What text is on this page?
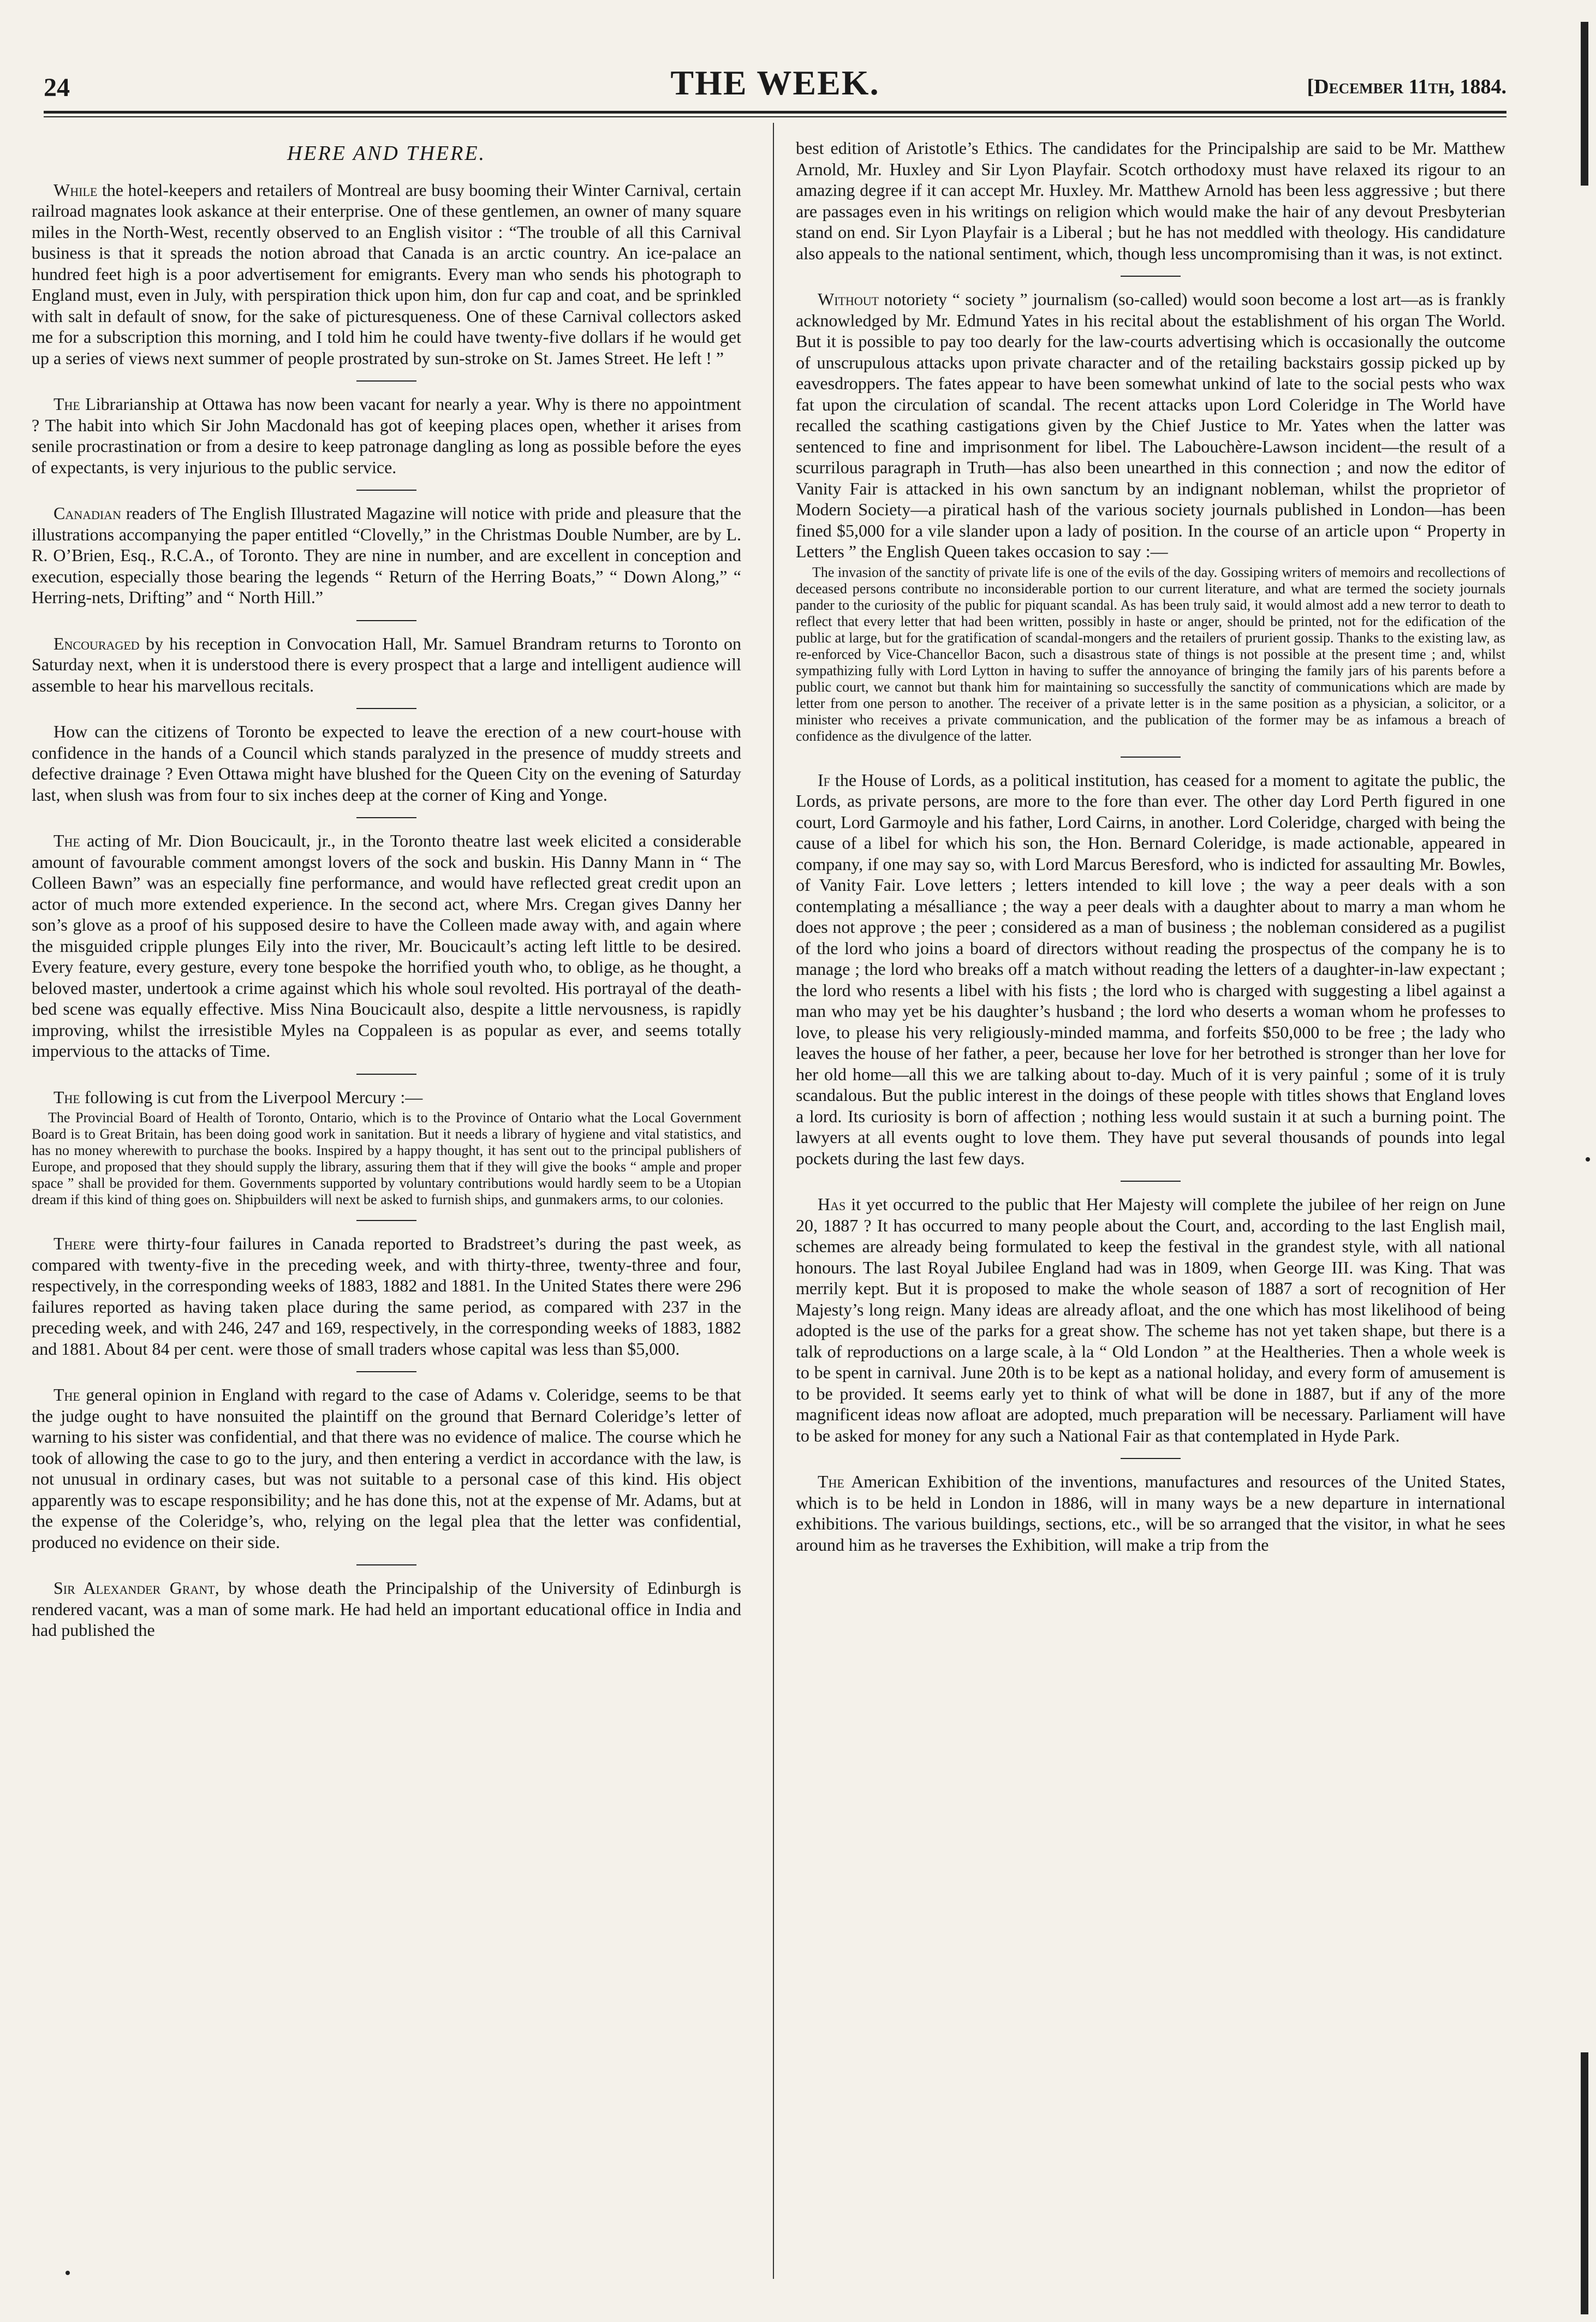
24	THE WEEK.	[December 11th, 1884.
HERE AND THERE.

While the hotel-keepers and retailers of Montreal are busy booming their Winter Carnival, certain railroad magnates look askance at their enterprise. One of these gentlemen, an owner of many square miles in the North-West, recently observed to an English visitor : “The trouble of all this Carnival business is that it spreads the notion abroad that Canada is an arctic country. An ice-palace an hundred feet high is a poor advertisement for emigrants. Every man who sends his photograph to England must, even in July, with perspiration thick upon him, don fur cap and coat, and be sprinkled with salt in default of snow, for the sake of picturesqueness. One of these Carnival collectors asked me for a subscription this morning, and I told him he could have twenty-five dollars if he would get up a series of views next summer of people prostrated by sun-stroke on St. James Street. He left ! ”

The Librarianship at Ottawa has now been vacant for nearly a year. Why is there no appointment ? The habit into which Sir John Macdonald has got of keeping places open, whether it arises from senile procrastination or from a desire to keep patronage dangling as long as possible before the eyes of expectants, is very injurious to the public service.

Canadian readers of The English Illustrated Magazine will notice with pride and pleasure that the illustrations accompanying the paper entitled “Clovelly,” in the Christmas Double Number, are by L. R. O’Brien, Esq., R.C.A., of Toronto. They are nine in number, and are excellent in conception and execution, especially those bearing the legends “ Return of the Herring Boats,” “ Down Along,” “ Herring-nets, Drifting” and “ North Hill.”

Encouraged by his reception in Convocation Hall, Mr. Samuel Brandram returns to Toronto on Saturday next, when it is understood there is every prospect that a large and intelligent audience will assemble to hear his marvellous recitals.

How can the citizens of Toronto be expected to leave the erection of a new court-house with confidence in the hands of a Council which stands paralyzed in the presence of muddy streets and defective drainage ? Even Ottawa might have blushed for the Queen City on the evening of Saturday last, when slush was from four to six inches deep at the corner of King and Yonge.

The acting of Mr. Dion Boucicault, jr., in the Toronto theatre last week elicited a considerable amount of favourable comment amongst lovers of the sock and buskin. His Danny Mann in “ The Colleen Bawn” was an especially fine performance, and would have reflected great credit upon an actor of much more extended experience. In the second act, where Mrs. Cregan gives Danny her son’s glove as a proof of his supposed desire to have the Colleen made away with, and again where the misguided cripple plunges Eily into the river, Mr. Boucicault’s acting left little to be desired. Every feature, every gesture, every tone bespoke the horrified youth who, to oblige, as he thought, a beloved master, undertook a crime against which his whole soul revolted. His portrayal of the death-bed scene was equally effective. Miss Nina Boucicault also, despite a little nervousness, is rapidly improving, whilst the irresistible Myles na Coppaleen is as popular as ever, and seems totally impervious to the attacks of Time.

The following is cut from the Liverpool Mercury :—

The Provincial Board of Health of Toronto, Ontario, which is to the Province of Ontario what the Local Government Board is to Great Britain, has been doing good work in sanitation. But it needs a library of hygiene and vital statistics, and has no money wherewith to purchase the books. Inspired by a happy thought, it has sent out to the principal publishers of Europe, and proposed that they should supply the library, assuring them that if they will give the books “ ample and proper space ” shall be provided for them. Governments supported by voluntary contributions would hardly seem to be a Utopian dream if this kind of thing goes on. Shipbuilders will next be asked to furnish ships, and gunmakers arms, to our colonies.

There were thirty-four failures in Canada reported to Bradstreet’s during the past week, as compared with twenty-five in the preceding week, and with thirty-three, twenty-three and four, respectively, in the corresponding weeks of 1883, 1882 and 1881. In the United States there were 296 failures reported as having taken place during the same period, as compared with 237 in the preceding week, and with 246, 247 and 169, respectively, in the corresponding weeks of 1883, 1882 and 1881. About 84 per cent. were those of small traders whose capital was less than $5,000.

The general opinion in England with regard to the case of Adams v. Coleridge, seems to be that the judge ought to have nonsuited the plaintiff on the ground that Bernard Coleridge’s letter of warning to his sister was confidential, and that there was no evidence of malice. The course which he took of allowing the case to go to the jury, and then entering a verdict in accordance with the law, is not unusual in ordinary cases, but was not suitable to a personal case of this kind. His object apparently was to escape responsibility; and he has done this, not at the expense of Mr. Adams, but at the expense of the Coleridge’s, who, relying on the legal plea that the letter was confidential, produced no evidence on their side.

Sir Alexander Grant, by whose death the Principalship of the University of Edinburgh is rendered vacant, was a man of some mark. He had held an important educational office in India and had published the

best edition of Aristotle’s Ethics. The candidates for the Principalship are said to be Mr. Matthew Arnold, Mr. Huxley and Sir Lyon Playfair. Scotch orthodoxy must have relaxed its rigour to an amazing degree if it can accept Mr. Huxley. Mr. Matthew Arnold has been less aggressive ; but there are passages even in his writings on religion which would make the hair of any devout Presbyterian stand on end. Sir Lyon Playfair is a Liberal ; but he has not meddled with theology. His candidature also appeals to the national sentiment, which, though less uncompromising than it was, is not extinct.

Without notoriety “ society ” journalism (so-called) would soon become a lost art—as is frankly acknowledged by Mr. Edmund Yates in his recital about the establishment of his organ The World. But it is possible to pay too dearly for the law-courts advertising which is occasionally the outcome of unscrupulous attacks upon private character and of the retailing backstairs gossip picked up by eavesdroppers. The fates appear to have been somewhat unkind of late to the social pests who wax fat upon the circulation of scandal. The recent attacks upon Lord Coleridge in The World have recalled the scathing castigations given by the Chief Justice to Mr. Yates when the latter was sentenced to fine and imprisonment for libel. The Labouchère-Lawson incident—the result of a scurrilous paragraph in Truth—has also been unearthed in this connection ; and now the editor of Vanity Fair is attacked in his own sanctum by an indignant nobleman, whilst the proprietor of Modern Society—a piratical hash of the various society journals published in London—has been fined $5,000 for a vile slander upon a lady of position. In the course of an article upon “ Property in Letters ” the English Queen takes occasion to say :—

The invasion of the sanctity of private life is one of the evils of the day. Gossiping writers of memoirs and recollections of deceased persons contribute no inconsiderable portion to our current literature, and what are termed the society journals pander to the curiosity of the public for piquant scandal. As has been truly said, it would almost add a new terror to death to reflect that every letter that had been written, possibly in haste or anger, should be printed, not for the edification of the public at large, but for the gratification of scandal-mongers and the retailers of prurient gossip. Thanks to the existing law, as re-enforced by Vice-Chancellor Bacon, such a disastrous state of things is not possible at the present time ; and, whilst sympathizing fully with Lord Lytton in having to suffer the annoyance of bringing the family jars of his parents before a public court, we cannot but thank him for maintaining so successfully the sanctity of communications which are made by letter from one person to another. The receiver of a private letter is in the same position as a physician, a solicitor, or a minister who receives a private communication, and the publication of the former may be as infamous a breach of confidence as the divulgence of the latter.

If the House of Lords, as a political institution, has ceased for a moment to agitate the public, the Lords, as private persons, are more to the fore than ever. The other day Lord Perth figured in one court, Lord Garmoyle and his father, Lord Cairns, in another. Lord Coleridge, charged with being the cause of a libel for which his son, the Hon. Bernard Coleridge, is made actionable, appeared in company, if one may say so, with Lord Marcus Beresford, who is indicted for assaulting Mr. Bowles, of Vanity Fair. Love letters ; letters intended to kill love ; the way a peer deals with a son contemplating a mésalliance ; the way a peer deals with a daughter about to marry a man whom he does not approve ; the peer ; considered as a man of business ; the nobleman considered as a pugilist of the lord who joins a board of directors without reading the prospectus of the company he is to manage ; the lord who breaks off a match without reading the letters of a daughter-in-law expectant ; the lord who resents a libel with his fists ; the lord who is charged with suggesting a libel against a man who may yet be his daughter’s husband ; the lord who deserts a woman whom he professes to love, to please his very religiously-minded mamma, and forfeits $50,000 to be free ; the lady who leaves the house of her father, a peer, because her love for her betrothed is stronger than her love for her old home—all this we are talking about to-day. Much of it is very painful ; some of it is truly scandalous. But the public interest in the doings of these people with titles shows that England loves a lord. Its curiosity is born of affection ; nothing less would sustain it at such a burning point. The lawyers at all events ought to love them. They have put several thousands of pounds into legal pockets during the last few days.

Has it yet occurred to the public that Her Majesty will complete the jubilee of her reign on June 20, 1887 ? It has occurred to many people about the Court, and, according to the last English mail, schemes are already being formulated to keep the festival in the grandest style, with all national honours. The last Royal Jubilee England had was in 1809, when George III. was King. That was merrily kept. But it is proposed to make the whole season of 1887 a sort of recognition of Her Majesty’s long reign. Many ideas are already afloat, and the one which has most likelihood of being adopted is the use of the parks for a great show. The scheme has not yet taken shape, but there is a talk of reproductions on a large scale, à la “ Old London ” at the Healtheries. Then a whole week is to be spent in carnival. June 20th is to be kept as a national holiday, and every form of amusement is to be provided. It seems early yet to think of what will be done in 1887, but if any of the more magnificent ideas now afloat are adopted, much preparation will be necessary. Parliament will have to be asked for money for any such a National Fair as that contemplated in Hyde Park.

The American Exhibition of the inventions, manufactures and resources of the United States, which is to be held in London in 1886, will in many ways be a new departure in international exhibitions. The various buildings, sections, etc., will be so arranged that the visitor, in what he sees around him as he traverses the Exhibition, will make a trip from the
